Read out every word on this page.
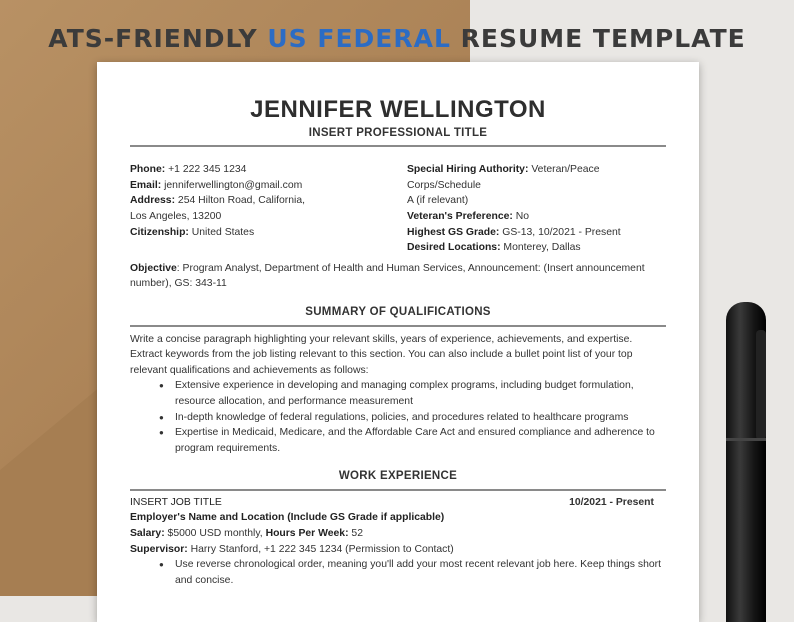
ATS-FRIENDLY US FEDERAL RESUME TEMPLATE
JENNIFER WELLINGTON
INSERT PROFESSIONAL TITLE
Phone: +1 222 345 1234
Email: jenniferwellington@gmail.com
Address: 254 Hilton Road, California,
Los Angeles, 13200
Citizenship: United States
Special Hiring Authority: Veteran/Peace Corps/Schedule
A (if relevant)
Veteran's Preference: No
Highest GS Grade: GS-13, 10/2021 - Present
Desired Locations: Monterey, Dallas
Objective: Program Analyst, Department of Health and Human Services, Announcement: (Insert announcement number), GS: 343-11
SUMMARY OF QUALIFICATIONS
Write a concise paragraph highlighting your relevant skills, years of experience, achievements, and expertise. Extract keywords from the job listing relevant to this section. You can also include a bullet point list of your top relevant qualifications and achievements as follows:
● Extensive experience in developing and managing complex programs, including budget formulation, resource allocation, and performance measurement
● In-depth knowledge of federal regulations, policies, and procedures related to healthcare programs
● Expertise in Medicaid, Medicare, and the Affordable Care Act and ensured compliance and adherence to program requirements.
WORK EXPERIENCE
INSERT JOB TITLE	10/2021 - Present
Employer's Name and Location (Include GS Grade if applicable)
Salary: $5000 USD monthly, Hours Per Week: 52
Supervisor: Harry Stanford, +1 222 345 1234 (Permission to Contact)
● Use reverse chronological order, meaning you'll add your most recent relevant job here. Keep things short and concise.
